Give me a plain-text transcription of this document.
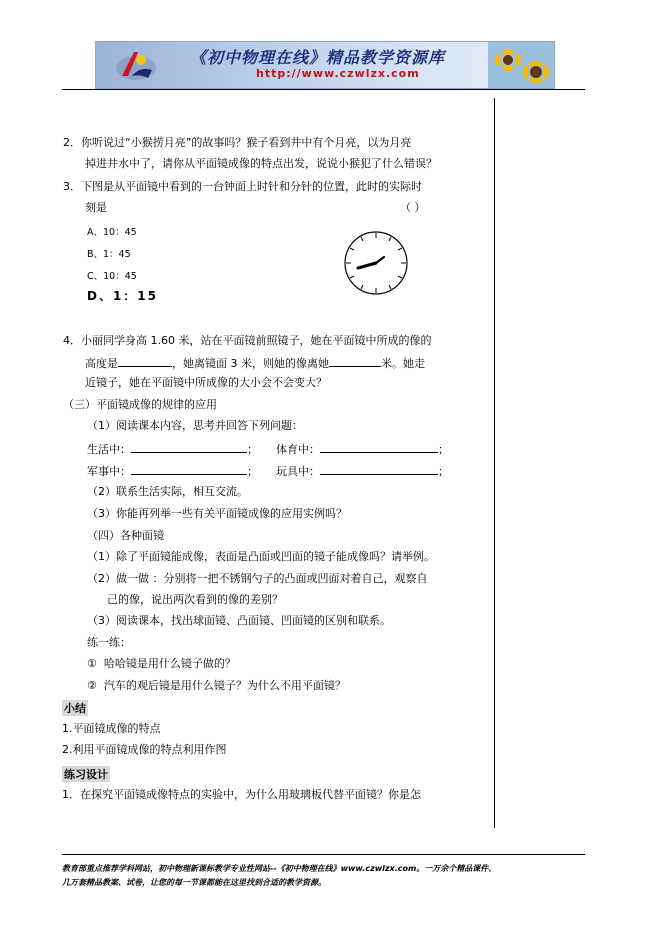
《初中物理在线》精品教学资源库
http://www.czwlzx.com
2．你听说过“小猴捞月亮”的故事吗？猴子看到井中有个月亮，以为月亮
掉进井水中了，请你从平面镜成像的特点出发，说说小猴犯了什么错误？
3．下图是从平面镜中看到的一台钟面上时针和分针的位置，此时的实际时
刻是	（ ）
A、10：45
B、1：45
C、10：45
D、1：15
4．小丽同学身高 1.60 米，站在平面镜前照镜子，她在平面镜中所成的像的
高度是	，她离镜面 3 米，则她的像离她	米。她走
近镜子，她在平面镜中所成像的大小会不会变大？
（三）平面镜成像的规律的应用
（1）阅读课本内容，思考并回答下列问题：
生活中：	； 体育中：	；
军事中：	； 玩具中：	；
（2）联系生活实际，相互交流。
（3）你能再列举一些有关平面镜成像的应用实例吗？
（四）各种面镜
（1）除了平面镜能成像，表面是凸面或凹面的镜子能成像吗？请举例。
（2）做一做 ：分别将一把不锈钢勺子的凸面或凹面对着自己，观察自
己的像，说出两次看到的像的差别？
（3）阅读课本，找出球面镜、凸面镜、凹面镜的区别和联系。
练一练：
① 哈哈镜是用什么镜子做的？
② 汽车的观后镜是用什么镜子？为什么不用平面镜？
小结
1.平面镜成像的特点
2.利用平面镜成像的特点利用作图
练习设计
1．在探究平面镜成像特点的实验中，为什么用玻璃板代替平面镜？你是怎
教育部重点推荐学科网站，初中物理新课标教学专业性网站--《初中物理在线》www.czwlzx.com。一万余个精品课件、
几万套精品教案、试卷，让您的每一节课都能在这里找到合适的教学资源。
